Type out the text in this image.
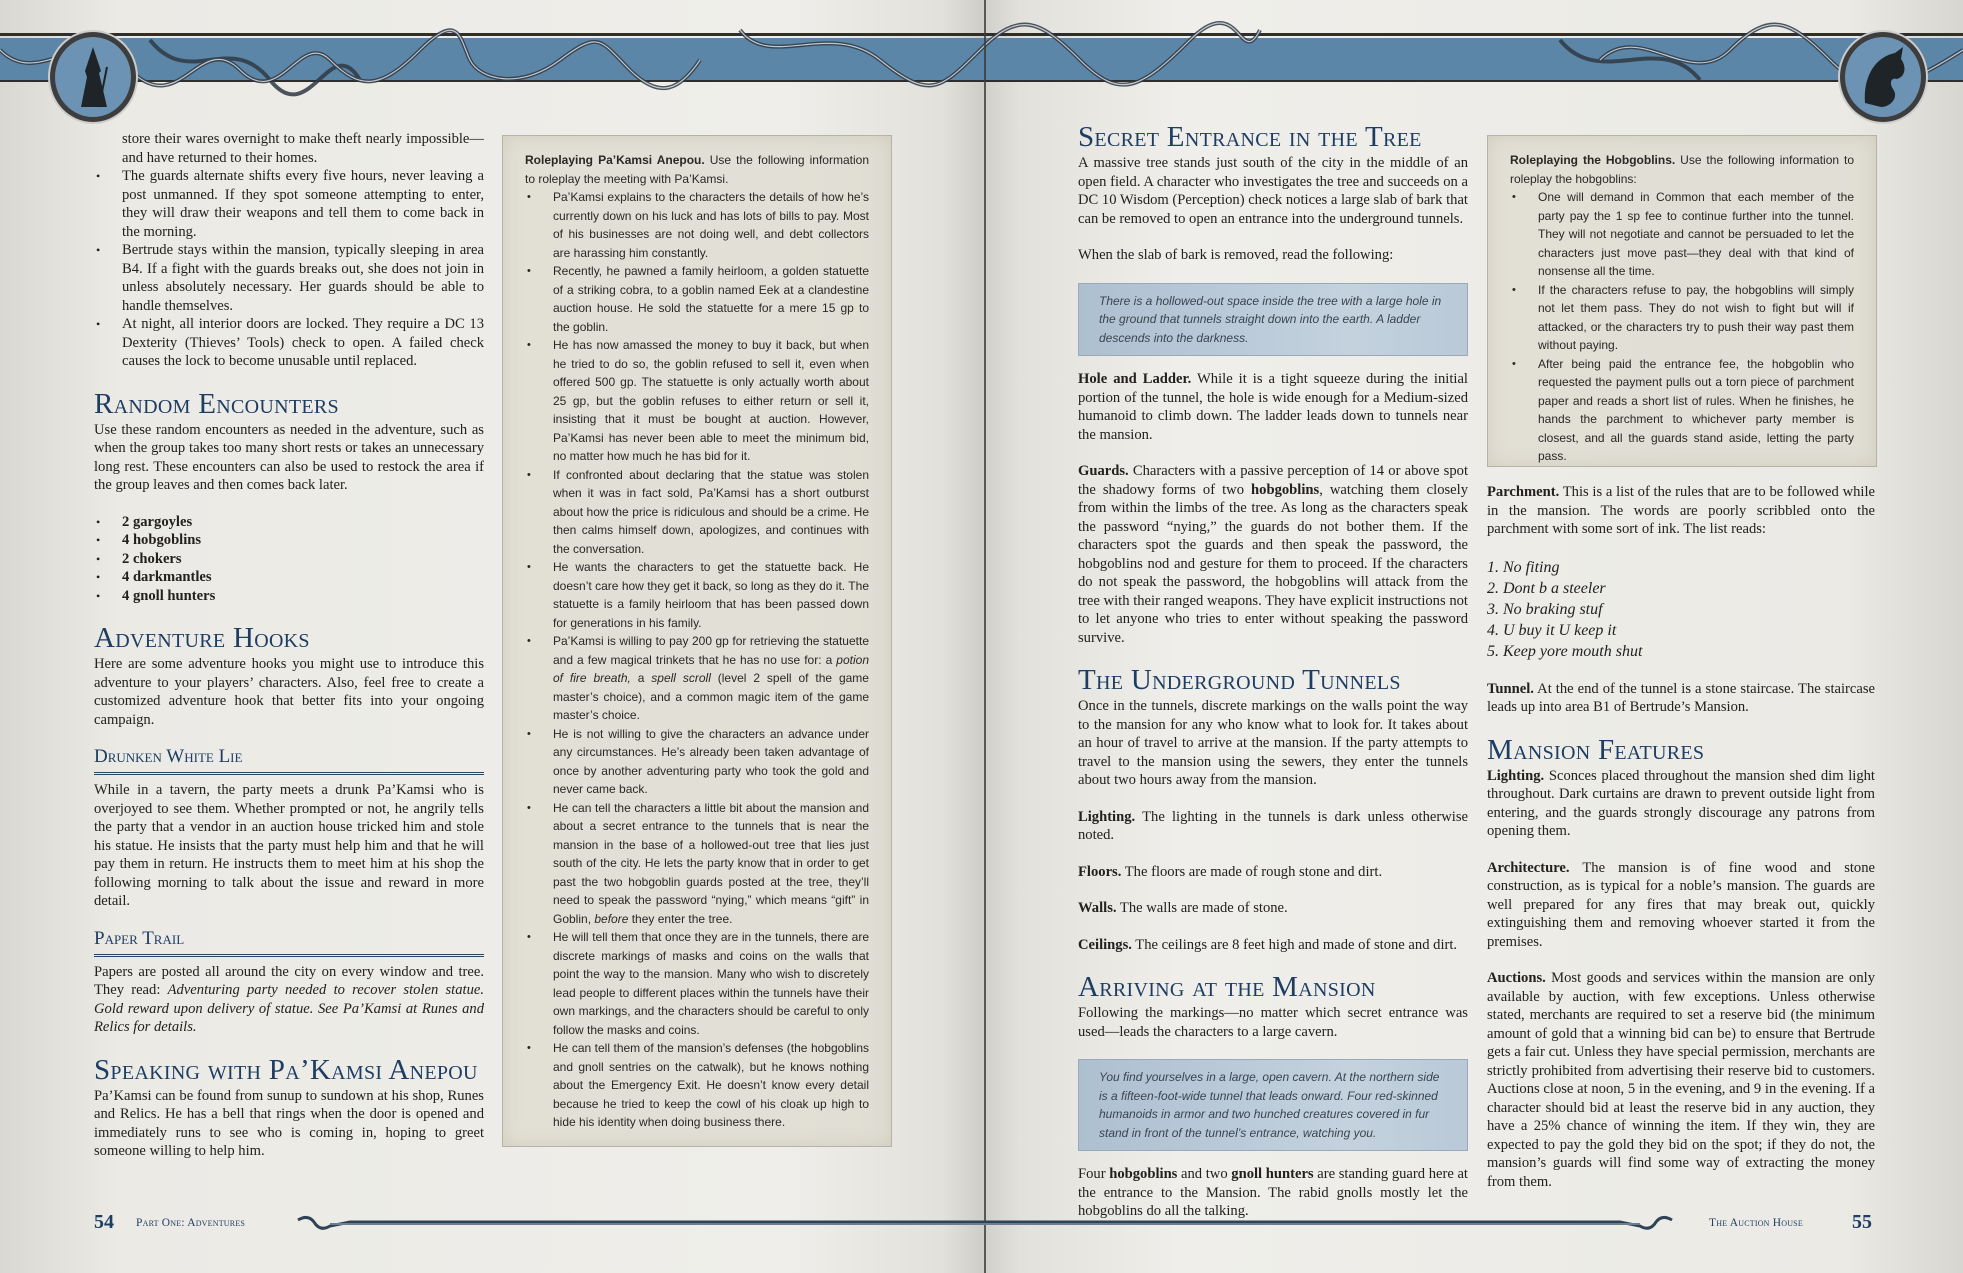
store their wares overnight to make theft nearly impossible—and have returned to their homes.

• The guards alternate shifts every five hours, never leaving a post unmanned. If they spot someone attempting to enter, they will draw their weapons and tell them to come back in the morning.
• Bertrude stays within the mansion, typically sleeping in area B4. If a fight with the guards breaks out, she does not join in unless absolutely necessary. Her guards should be able to handle themselves.
• At night, all interior doors are locked. They require a DC 13 Dexterity (Thieves’ Tools) check to open. A failed check causes the lock to become unusable until replaced.
Random Encounters

Use these random encounters as needed in the adventure, such as when the group takes too many short rests or takes an unnecessary long rest. These encounters can also be used to restock the area if the group leaves and then comes back later.

• 2 gargoyles
• 4 hobgoblins
• 2 chokers
• 4 darkmantles
• 4 gnoll hunters
Adventure Hooks

Here are some adventure hooks you might use to introduce this adventure to your players’ characters. Also, feel free to create a customized adventure hook that better fits into your ongoing campaign.

Drunken White Lie

While in a tavern, the party meets a drunk Pa’Kamsi who is overjoyed to see them. Whether prompted or not, he angrily tells the party that a vendor in an auction house tricked him and stole his statue. He insists that the party must help him and that he will pay them in return. He instructs them to meet him at his shop the following morning to talk about the issue and reward in more detail.

Paper Trail

Papers are posted all around the city on every window and tree. They read: Adventuring party needed to recover stolen statue. Gold reward upon delivery of statue. See Pa’Kamsi at Runes and Relics for details.

Speaking with Pa’Kamsi Anepou

Pa’Kamsi can be found from sunup to sundown at his shop, Runes and Relics. He has a bell that rings when the door is opened and immediately runs to see who is coming in, hoping to greet someone willing to help him.

Roleplaying Pa’Kamsi Anepou. Use the following information to roleplay the meeting with Pa’Kamsi.

• Pa’Kamsi explains to the characters the details of how he’s currently down on his luck and has lots of bills to pay. Most of his businesses are not doing well, and debt collectors are harassing him constantly.
• Recently, he pawned a family heirloom, a golden statuette of a striking cobra, to a goblin named Eek at a clandestine auction house. He sold the statuette for a mere 15 gp to the goblin.
• He has now amassed the money to buy it back, but when he tried to do so, the goblin refused to sell it, even when offered 500 gp. The statuette is only actually worth about 25 gp, but the goblin refuses to either return or sell it, insisting that it must be bought at auction. However, Pa’Kamsi has never been able to meet the minimum bid, no matter how much he has bid for it.
• If confronted about declaring that the statue was stolen when it was in fact sold, Pa’Kamsi has a short outburst about how the price is ridiculous and should be a crime. He then calms himself down, apologizes, and continues with the conversation.
• He wants the characters to get the statuette back. He doesn’t care how they get it back, so long as they do it. The statuette is a family heirloom that has been passed down for generations in his family.
• Pa’Kamsi is willing to pay 200 gp for retrieving the statuette and a few magical trinkets that he has no use for: a potion of fire breath, a spell scroll (level 2 spell of the game master’s choice), and a common magic item of the game master’s choice.
• He is not willing to give the characters an advance under any circumstances. He’s already been taken advantage of once by another adventuring party who took the gold and never came back.
• He can tell the characters a little bit about the mansion and about a secret entrance to the tunnels that is near the mansion in the base of a hollowed-out tree that lies just south of the city. He lets the party know that in order to get past the two hobgoblin guards posted at the tree, they’ll need to speak the password “nying,” which means “gift” in Goblin, before they enter the tree.
• He will tell them that once they are in the tunnels, there are discrete markings of masks and coins on the walls that point the way to the mansion. Many who wish to discretely lead people to different places within the tunnels have their own markings, and the characters should be careful to only follow the masks and coins.
• He can tell them of the mansion’s defenses (the hobgoblins and gnoll sentries on the catwalk), but he knows nothing about the Emergency Exit. He doesn’t know every detail because he tried to keep the cowl of his cloak up high to hide his identity when doing business there.
Secret Entrance in the Tree

A massive tree stands just south of the city in the middle of an open field. A character who investigates the tree and succeeds on a DC 10 Wisdom (Perception) check notices a large slab of bark that can be removed to open an entrance into the underground tunnels.

When the slab of bark is removed, read the following:

There is a hollowed-out space inside the tree with a large hole in the ground that tunnels straight down into the earth. A ladder descends into the darkness.

Hole and Ladder. While it is a tight squeeze during the initial portion of the tunnel, the hole is wide enough for a Medium-sized humanoid to climb down. The ladder leads down to tunnels near the mansion.

Guards. Characters with a passive perception of 14 or above spot the shadowy forms of two hobgoblins, watching them closely from within the limbs of the tree. As long as the characters speak the password “nying,” the guards do not bother them. If the characters spot the guards and then speak the password, the hobgoblins nod and gesture for them to proceed. If the characters do not speak the password, the hobgoblins will attack from the tree with their ranged weapons. They have explicit instructions not to let anyone who tries to enter without speaking the password survive.

The Underground Tunnels

Once in the tunnels, discrete markings on the walls point the way to the mansion for any who know what to look for. It takes about an hour of travel to arrive at the mansion. If the party attempts to travel to the mansion using the sewers, they enter the tunnels about two hours away from the mansion.

Lighting. The lighting in the tunnels is dark unless otherwise noted.

Floors. The floors are made of rough stone and dirt.

Walls. The walls are made of stone.

Ceilings. The ceilings are 8 feet high and made of stone and dirt.

Arriving at the Mansion

Following the markings—no matter which secret entrance was used—leads the characters to a large cavern.

You find yourselves in a large, open cavern. At the northern side is a fifteen-foot-wide tunnel that leads onward. Four red-skinned humanoids in armor and two hunched creatures covered in fur stand in front of the tunnel’s entrance, watching you.

Four hobgoblins and two gnoll hunters are standing guard here at the entrance to the Mansion. The rabid gnolls mostly let the hobgoblins do all the talking.

Roleplaying the Hobgoblins. Use the following information to roleplay the hobgoblins:

• One will demand in Common that each member of the party pay the 1 sp fee to continue further into the tunnel. They will not negotiate and cannot be persuaded to let the characters just move past—they deal with that kind of nonsense all the time.
• If the characters refuse to pay, the hobgoblins will simply not let them pass. They do not wish to fight but will if attacked, or the characters try to push their way past them without paying.
• After being paid the entrance fee, the hobgoblin who requested the payment pulls out a torn piece of parchment paper and reads a short list of rules. When he finishes, he hands the parchment to whichever party member is closest, and all the guards stand aside, letting the party pass.

Parchment. This is a list of the rules that are to be followed while in the mansion. The words are poorly scribbled onto the parchment with some sort of ink. The list reads:

1. No fiting
2. Dont b a steeler
3. No braking stuf
4. U buy it U keep it
5. Keep yore mouth shut

Tunnel. At the end of the tunnel is a stone staircase. The staircase leads up into area B1 of Bertrude’s Mansion.

Mansion Features

Lighting. Sconces placed throughout the mansion shed dim light throughout. Dark curtains are drawn to prevent outside light from entering, and the guards strongly discourage any patrons from opening them.

Architecture. The mansion is of fine wood and stone construction, as is typical for a noble’s mansion. The guards are well prepared for any fires that may break out, quickly extinguishing them and removing whoever started it from the premises.

Auctions. Most goods and services within the mansion are only available by auction, with few exceptions. Unless otherwise stated, merchants are required to set a reserve bid (the minimum amount of gold that a winning bid can be) to ensure that Bertrude gets a fair cut. Unless they have special permission, merchants are strictly prohibited from advertising their reserve bid to customers. Auctions close at noon, 5 in the evening, and 9 in the evening. If a character should bid at least the reserve bid in any auction, they have a 25% chance of winning the item. If they win, they are expected to pay the gold they bid on the spot; if they do not, the mansion’s guards will find some way of extracting the money from them.

54 Part One: Adventures	The Auction House 55
